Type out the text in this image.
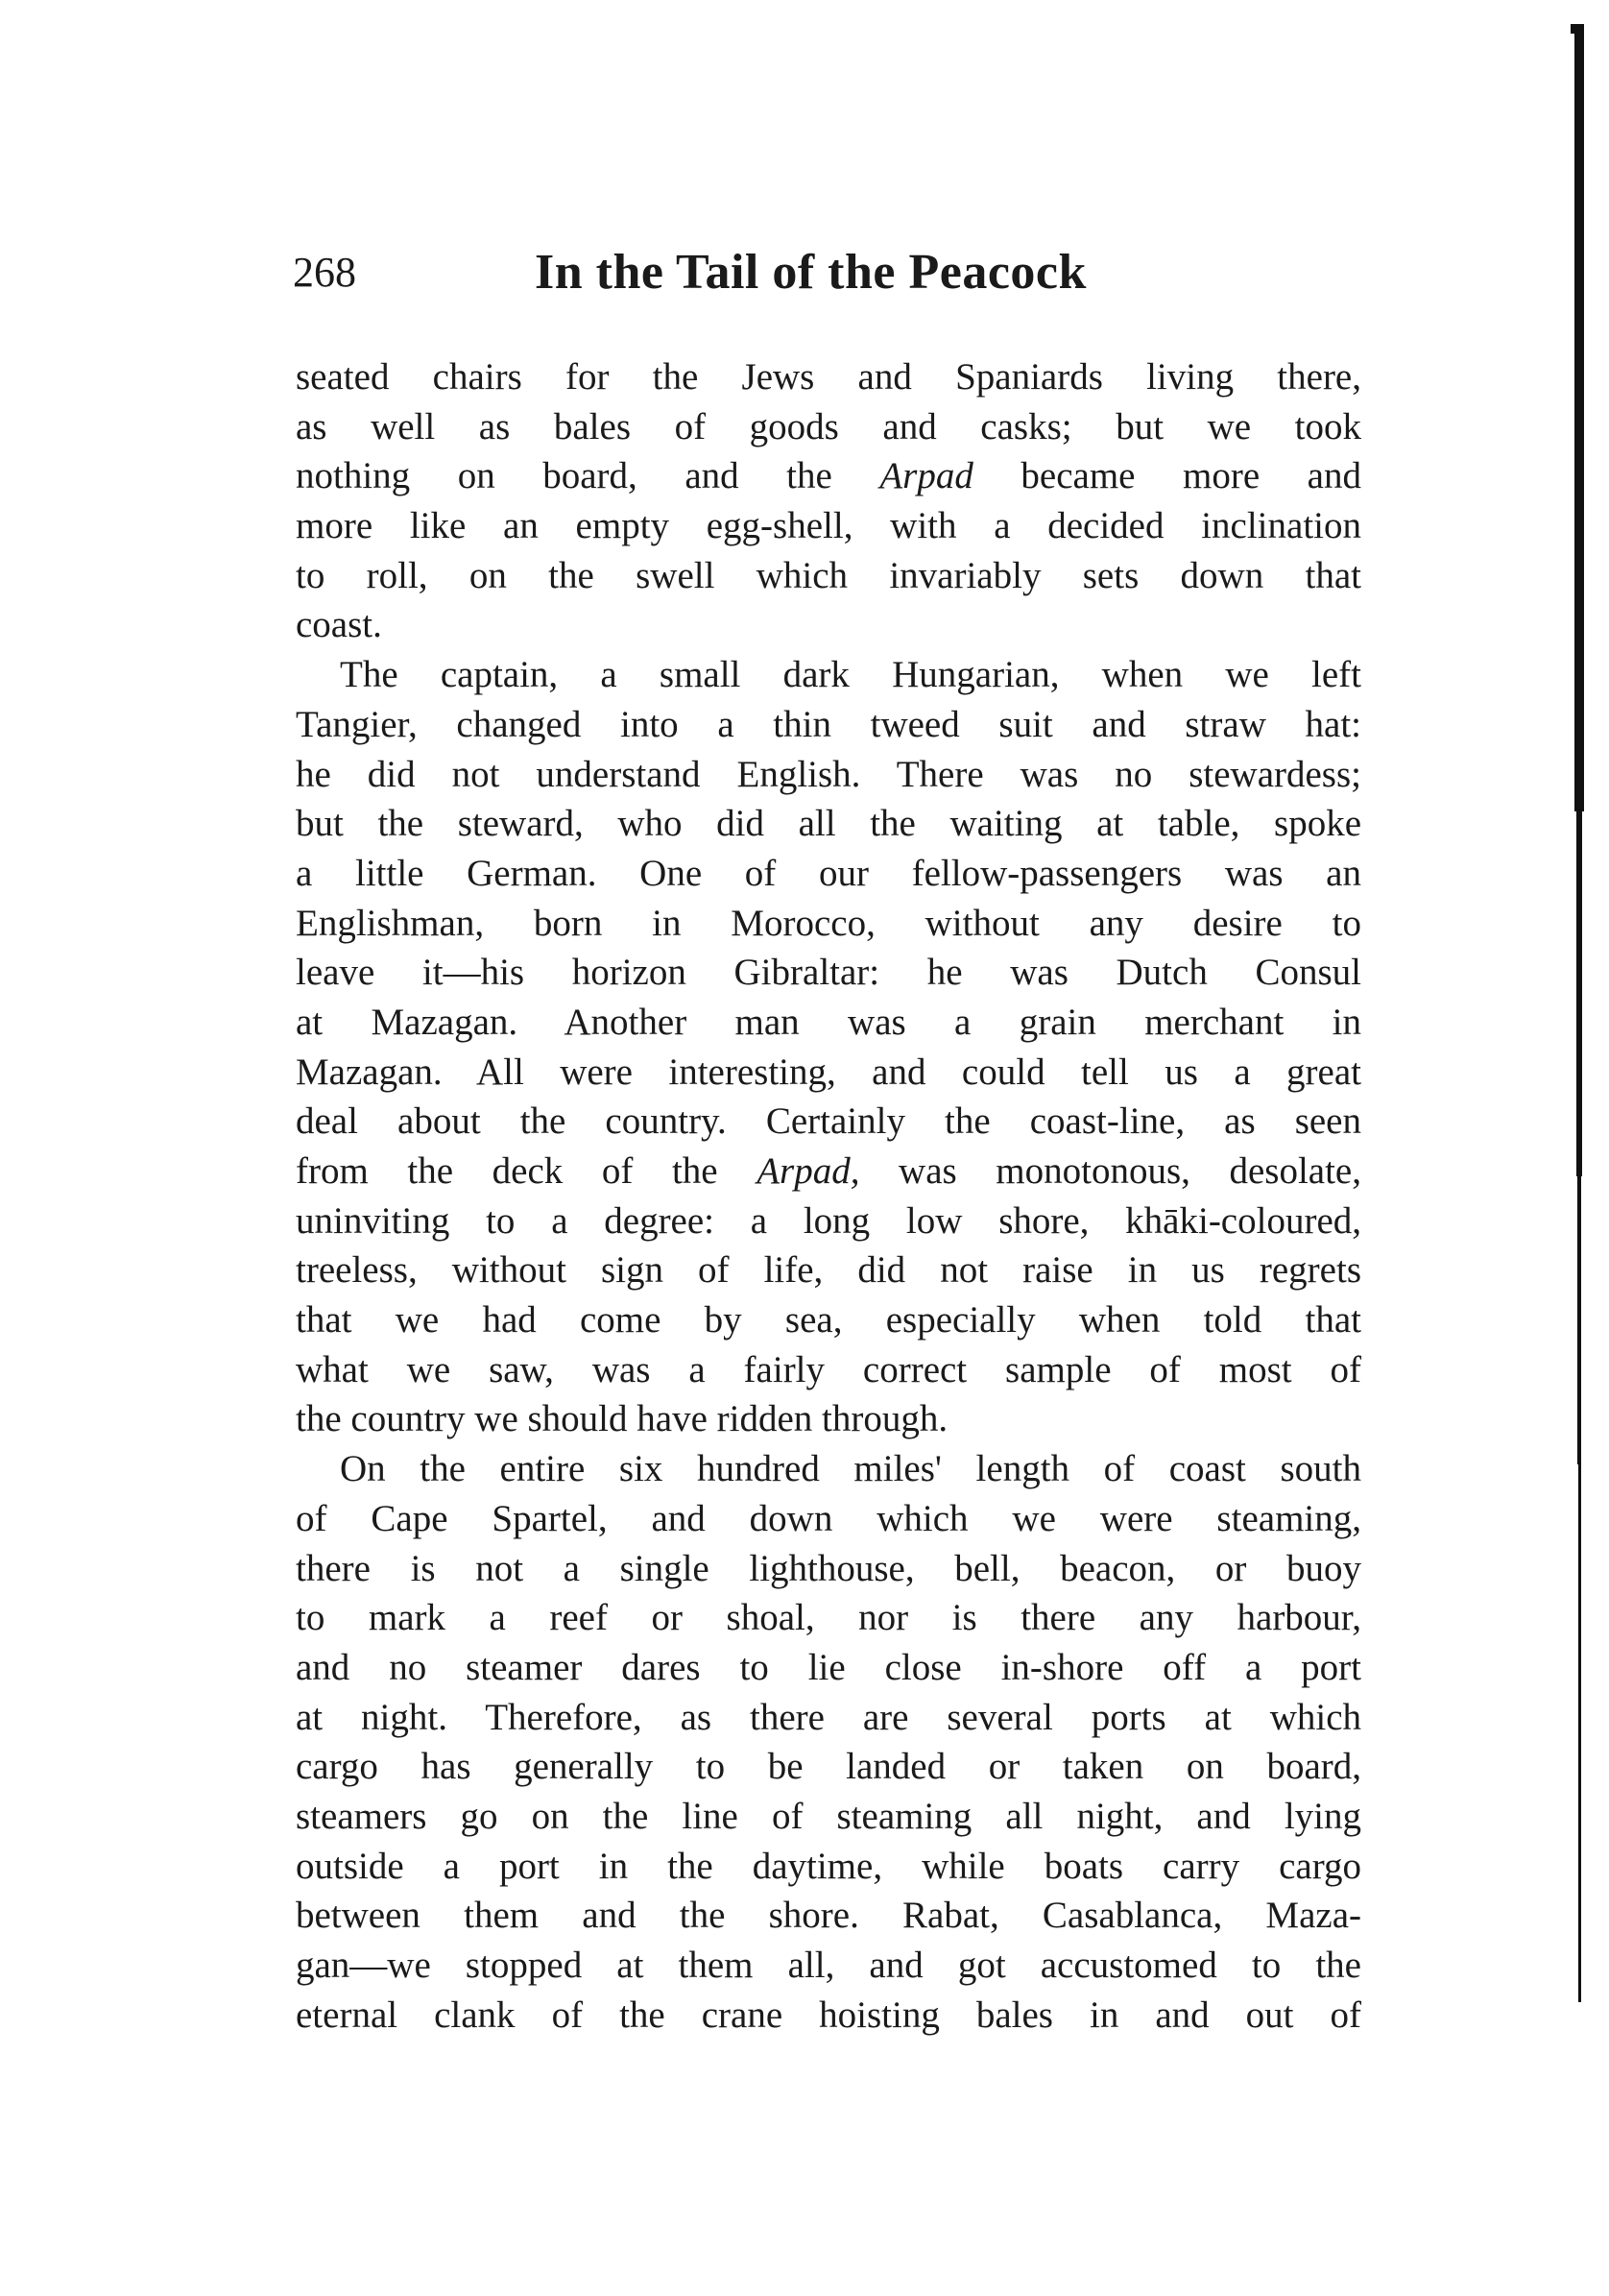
268	In the Tail of the Peacock
seated chairs for the Jews and Spaniards living there,
as well as bales of goods and casks; but we took
nothing on board, and the Arpad became more and
more like an empty egg-shell, with a decided inclination
to roll, on the swell which invariably sets down that
coast.
The captain, a small dark Hungarian, when we left
Tangier, changed into a thin tweed suit and straw hat:
he did not understand English. There was no stewardess;
but the steward, who did all the waiting at table, spoke
a little German. One of our fellow-passengers was an
Englishman, born in Morocco, without any desire to
leave it—his horizon Gibraltar: he was Dutch Consul
at Mazagan. Another man was a grain merchant in
Mazagan. All were interesting, and could tell us a great
deal about the country. Certainly the coast-line, as seen
from the deck of the Arpad, was monotonous, desolate,
uninviting to a degree: a long low shore, khāki-coloured,
treeless, without sign of life, did not raise in us regrets
that we had come by sea, especially when told that
what we saw, was a fairly correct sample of most of
the country we should have ridden through.
On the entire six hundred miles' length of coast south
of Cape Spartel, and down which we were steaming,
there is not a single lighthouse, bell, beacon, or buoy
to mark a reef or shoal, nor is there any harbour,
and no steamer dares to lie close in-shore off a port
at night. Therefore, as there are several ports at which
cargo has generally to be landed or taken on board,
steamers go on the line of steaming all night, and lying
outside a port in the daytime, while boats carry cargo
between them and the shore. Rabat, Casablanca, Maza-
gan—we stopped at them all, and got accustomed to the
eternal clank of the crane hoisting bales in and out of
